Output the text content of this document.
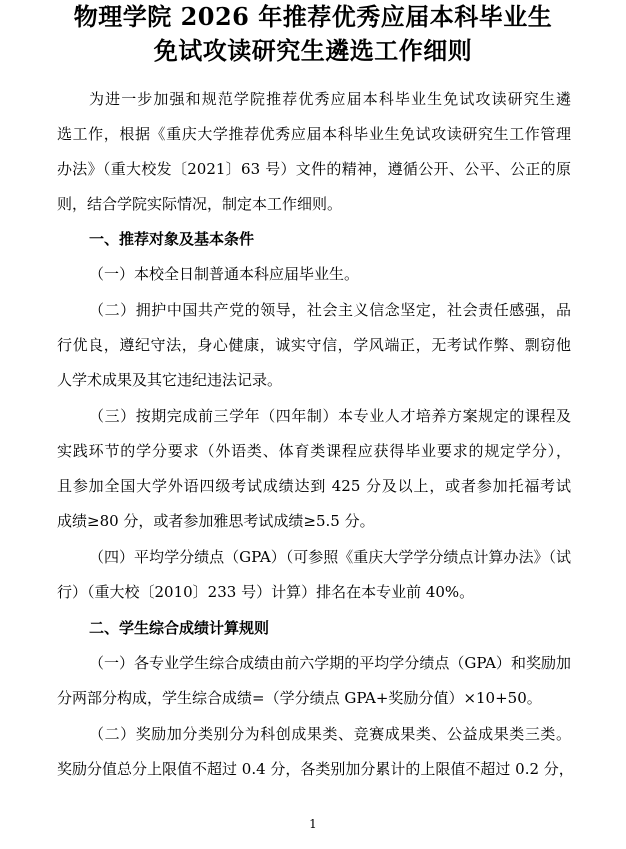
物理学院 2026 年推荐优秀应届本科毕业生
免试攻读研究生遴选工作细则
为进一步加强和规范学院推荐优秀应届本科毕业生免试攻读研究生遴
选工作，根据《重庆大学推荐优秀应届本科毕业生免试攻读研究生工作管理
办法》（重大校发〔2021〕63 号）文件的精神，遵循公开、公平、公正的原
则，结合学院实际情况，制定本工作细则。
一、推荐对象及基本条件
（一）本校全日制普通本科应届毕业生。
（二）拥护中国共产党的领导，社会主义信念坚定，社会责任感强，品
行优良，遵纪守法，身心健康，诚实守信，学风端正，无考试作弊、剽窃他
人学术成果及其它违纪违法记录。
（三）按期完成前三学年（四年制）本专业人才培养方案规定的课程及
实践环节的学分要求（外语类、体育类课程应获得毕业要求的规定学分），
且参加全国大学外语四级考试成绩达到 425 分及以上，或者参加托福考试
成绩≥80 分，或者参加雅思考试成绩≥5.5 分。
（四）平均学分绩点（GPA）（可参照《重庆大学学分绩点计算办法》（试
行）（重大校〔2010〕233 号）计算）排名在本专业前 40%。
二、学生综合成绩计算规则
（一）各专业学生综合成绩由前六学期的平均学分绩点（GPA）和奖励加
分两部分构成，学生综合成绩=（学分绩点 GPA+奖励分值）×10+50。
（二）奖励加分类别分为科创成果类、竞赛成果类、公益成果类三类。
奖励分值总分上限值不超过 0.4 分，各类别加分累计的上限值不超过 0.2 分，
1
